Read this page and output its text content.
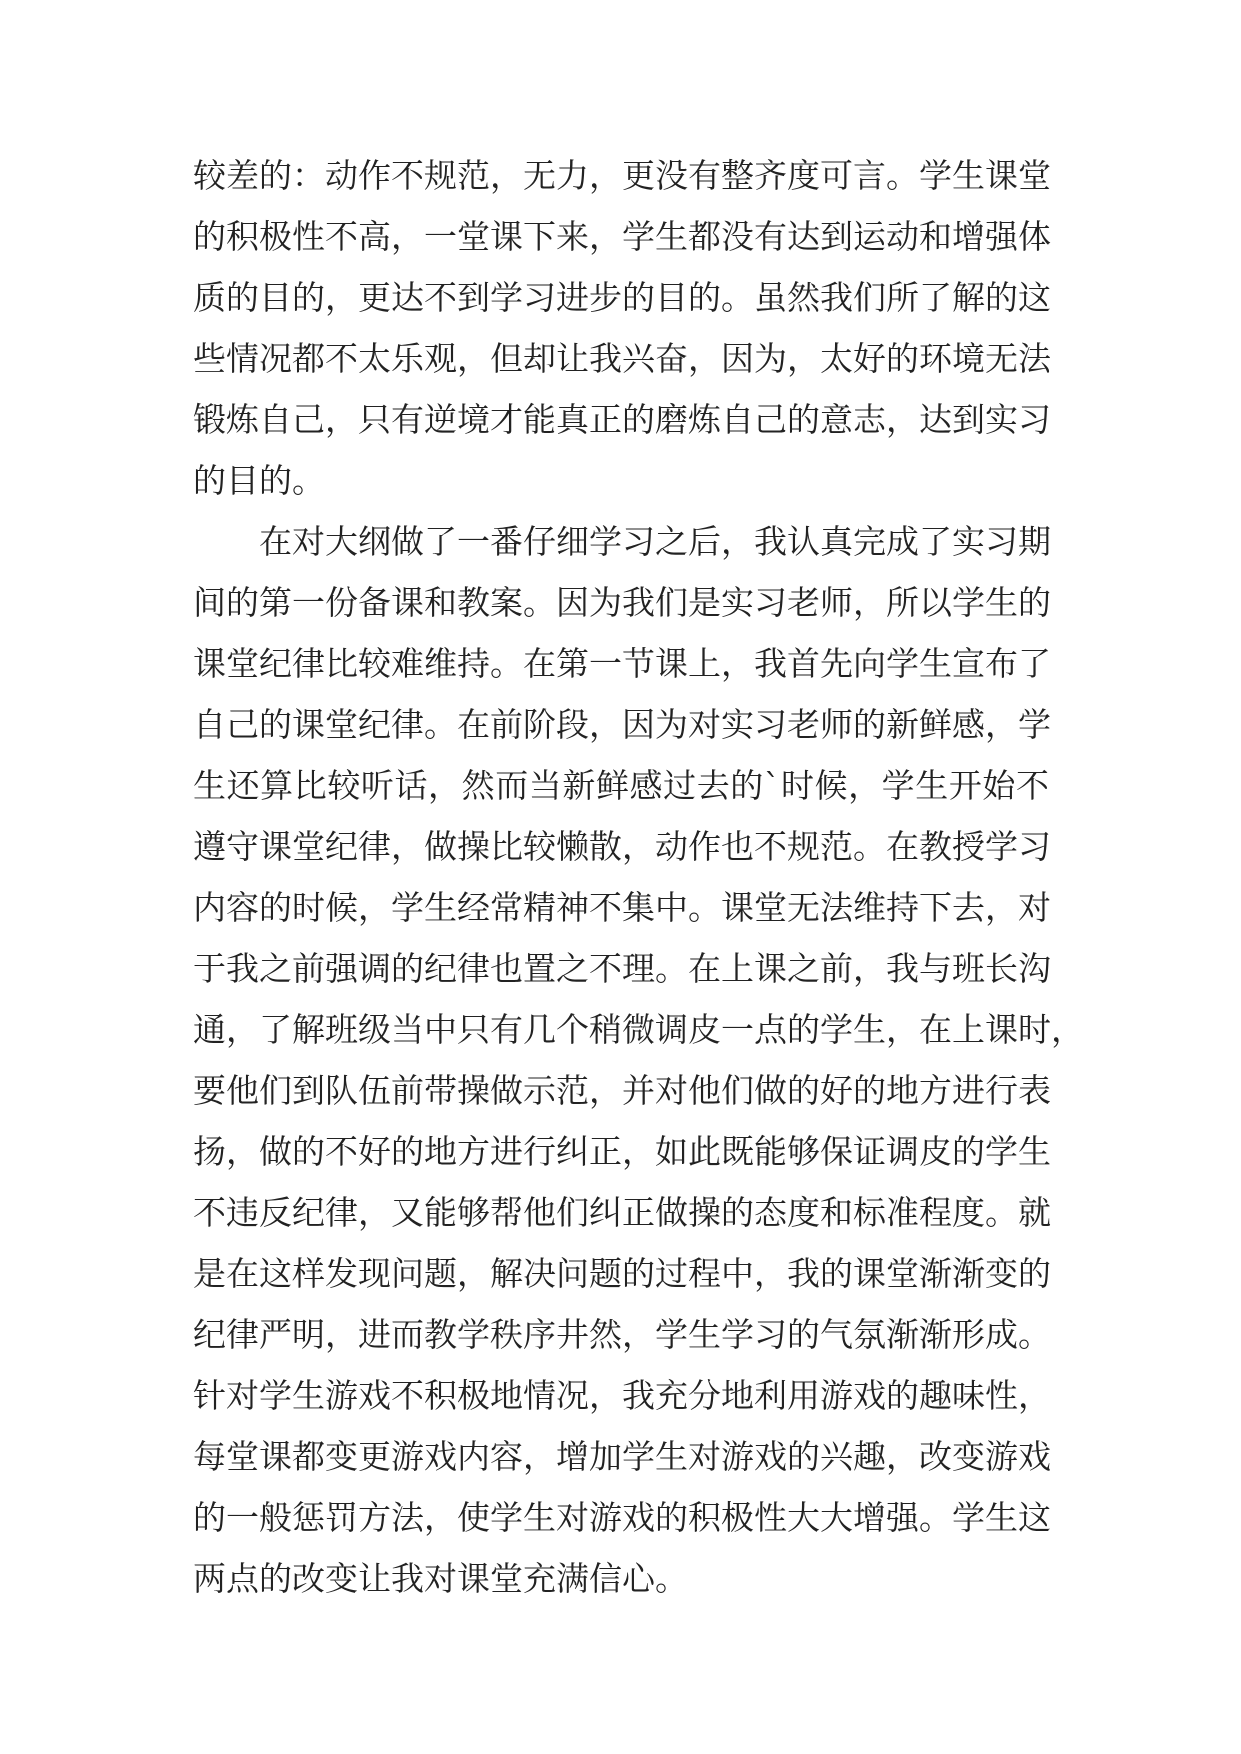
较差的：动作不规范，无力，更没有整齐度可言。学生课堂
的积极性不高，一堂课下来，学生都没有达到运动和增强体
质的目的，更达不到学习进步的目的。虽然我们所了解的这
些情况都不太乐观，但却让我兴奋，因为，太好的环境无法
锻炼自己，只有逆境才能真正的磨炼自己的意志，达到实习
的目的。
在对大纲做了一番仔细学习之后，我认真完成了实习期
间的第一份备课和教案。因为我们是实习老师，所以学生的
课堂纪律比较难维持。在第一节课上，我首先向学生宣布了
自己的课堂纪律。在前阶段，因为对实习老师的新鲜感，学
生还算比较听话，然而当新鲜感过去的`时候，学生开始不
遵守课堂纪律，做操比较懒散，动作也不规范。在教授学习
内容的时候，学生经常精神不集中。课堂无法维持下去，对
于我之前强调的纪律也置之不理。在上课之前，我与班长沟
通，了解班级当中只有几个稍微调皮一点的学生，在上课时，
要他们到队伍前带操做示范，并对他们做的好的地方进行表
扬，做的不好的地方进行纠正，如此既能够保证调皮的学生
不违反纪律，又能够帮他们纠正做操的态度和标准程度。就
是在这样发现问题，解决问题的过程中，我的课堂渐渐变的
纪律严明，进而教学秩序井然，学生学习的气氛渐渐形成。
针对学生游戏不积极地情况，我充分地利用游戏的趣味性，
每堂课都变更游戏内容，增加学生对游戏的兴趣，改变游戏
的一般惩罚方法，使学生对游戏的积极性大大增强。学生这
两点的改变让我对课堂充满信心。
